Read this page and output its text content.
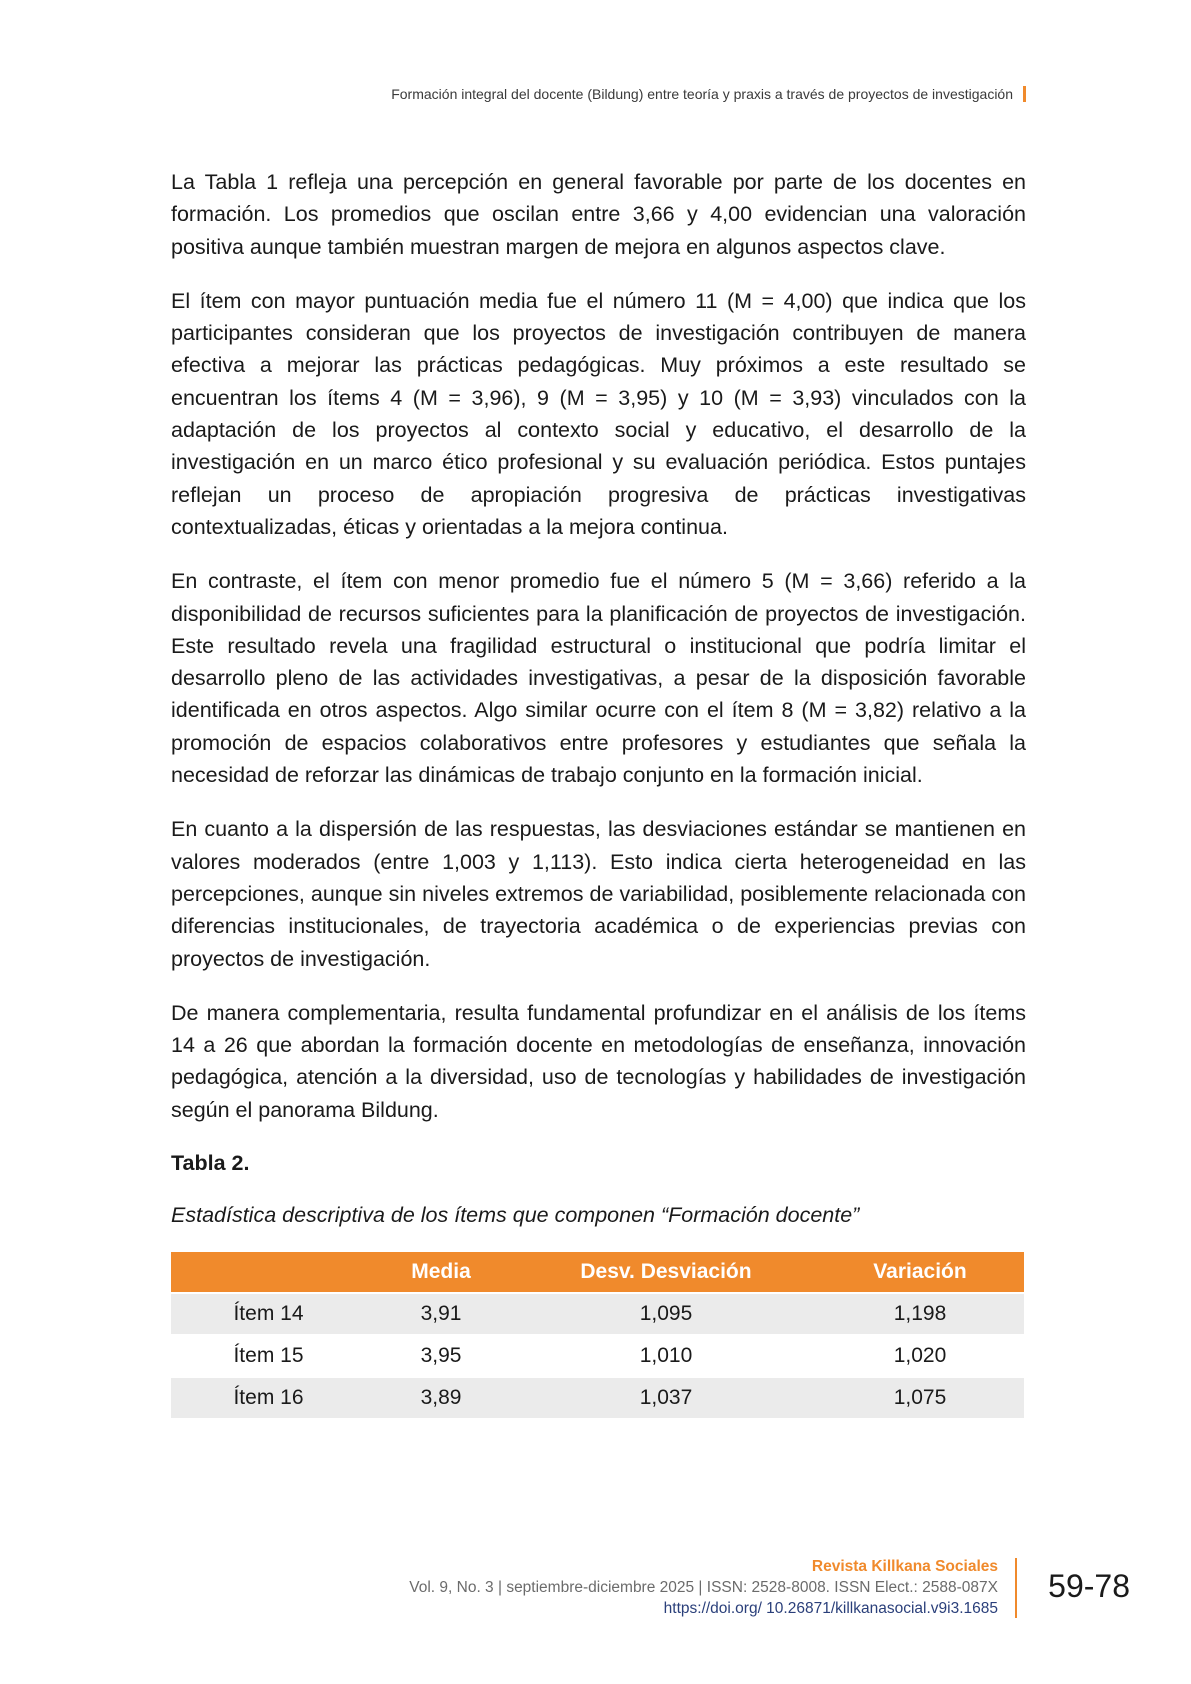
Formación integral del docente (Bildung) entre teoría y praxis a través de proyectos de investigación

La Tabla 1 refleja una percepción en general favorable por parte de los docentes en formación. Los promedios que oscilan entre 3,66 y 4,00 evidencian una valoración positiva aunque también muestran margen de mejora en algunos aspectos clave.

El ítem con mayor puntuación media fue el número 11 (M = 4,00) que indica que los participantes consideran que los proyectos de investigación contribuyen de manera efectiva a mejorar las prácticas pedagógicas. Muy próximos a este resultado se encuentran los ítems 4 (M = 3,96), 9 (M = 3,95) y 10 (M = 3,93) vinculados con la adaptación de los proyectos al contexto social y educativo, el desarrollo de la investigación en un marco ético profesional y su evaluación periódica. Estos puntajes reflejan un proceso de apropiación progresiva de prácticas investigativas contextualizadas, éticas y orientadas a la mejora continua.

En contraste, el ítem con menor promedio fue el número 5 (M = 3,66) referido a la disponibilidad de recursos suficientes para la planificación de proyectos de investigación. Este resultado revela una fragilidad estructural o institucional que podría limitar el desarrollo pleno de las actividades investigativas, a pesar de la disposición favorable identificada en otros aspectos. Algo similar ocurre con el ítem 8 (M = 3,82) relativo a la promoción de espacios colaborativos entre profesores y estudiantes que señala la necesidad de reforzar las dinámicas de trabajo conjunto en la formación inicial.

En cuanto a la dispersión de las respuestas, las desviaciones estándar se mantienen en valores moderados (entre 1,003 y 1,113). Esto indica cierta heterogeneidad en las percepciones, aunque sin niveles extremos de variabilidad, posiblemente relacionada con diferencias institucionales, de trayectoria académica o de experiencias previas con proyectos de investigación.

De manera complementaria, resulta fundamental profundizar en el análisis de los ítems 14 a 26 que abordan la formación docente en metodologías de enseñanza, innovación pedagógica, atención a la diversidad, uso de tecnologías y habilidades de investigación según el panorama Bildung.

Tabla 2.
Estadística descriptiva de los ítems que componen “Formación docente”
	Media	Desv. Desviación	Variación
Ítem 14	3,91	1,095	1,198
Ítem 15	3,95	1,010	1,020
Ítem 16	3,89	1,037	1,075
Revista Killkana Sociales
Vol. 9, No. 3 | septiembre-diciembre 2025 | ISSN: 2528-8008. ISSN Elect.: 2588-087X
https://doi.org/ 10.26871/killkanasocial.v9i3.1685
59-78
